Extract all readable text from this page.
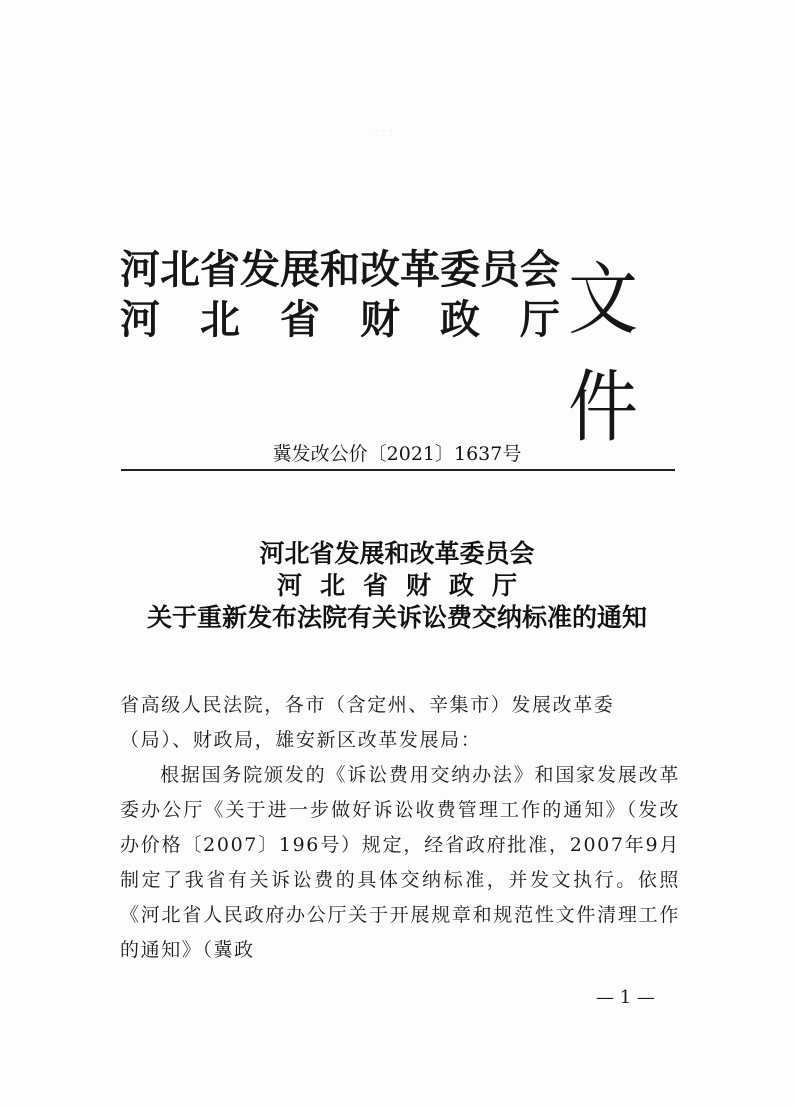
· · ·
河北省发展和改革委员会
河北省财政厅
文件
冀发改公价〔2021〕1637号
河北省发展和改革委员会
河北省财政厅
关于重新发布法院有关诉讼费交纳标准的通知

省高级人民法院，各市（含定州、辛集市）发展改革委（局）、财政局，雄安新区改革发展局：

根据国务院颁发的《诉讼费用交纳办法》和国家发展改革委办公厅《关于进一步做好诉讼收费管理工作的通知》（发改办价格〔2007〕196号）规定，经省政府批准，2007年9月制定了我省有关诉讼费的具体交纳标准，并发文执行。依照《河北省人民政府办公厅关于开展规章和规范性文件清理工作的通知》（冀政

— 1 —
